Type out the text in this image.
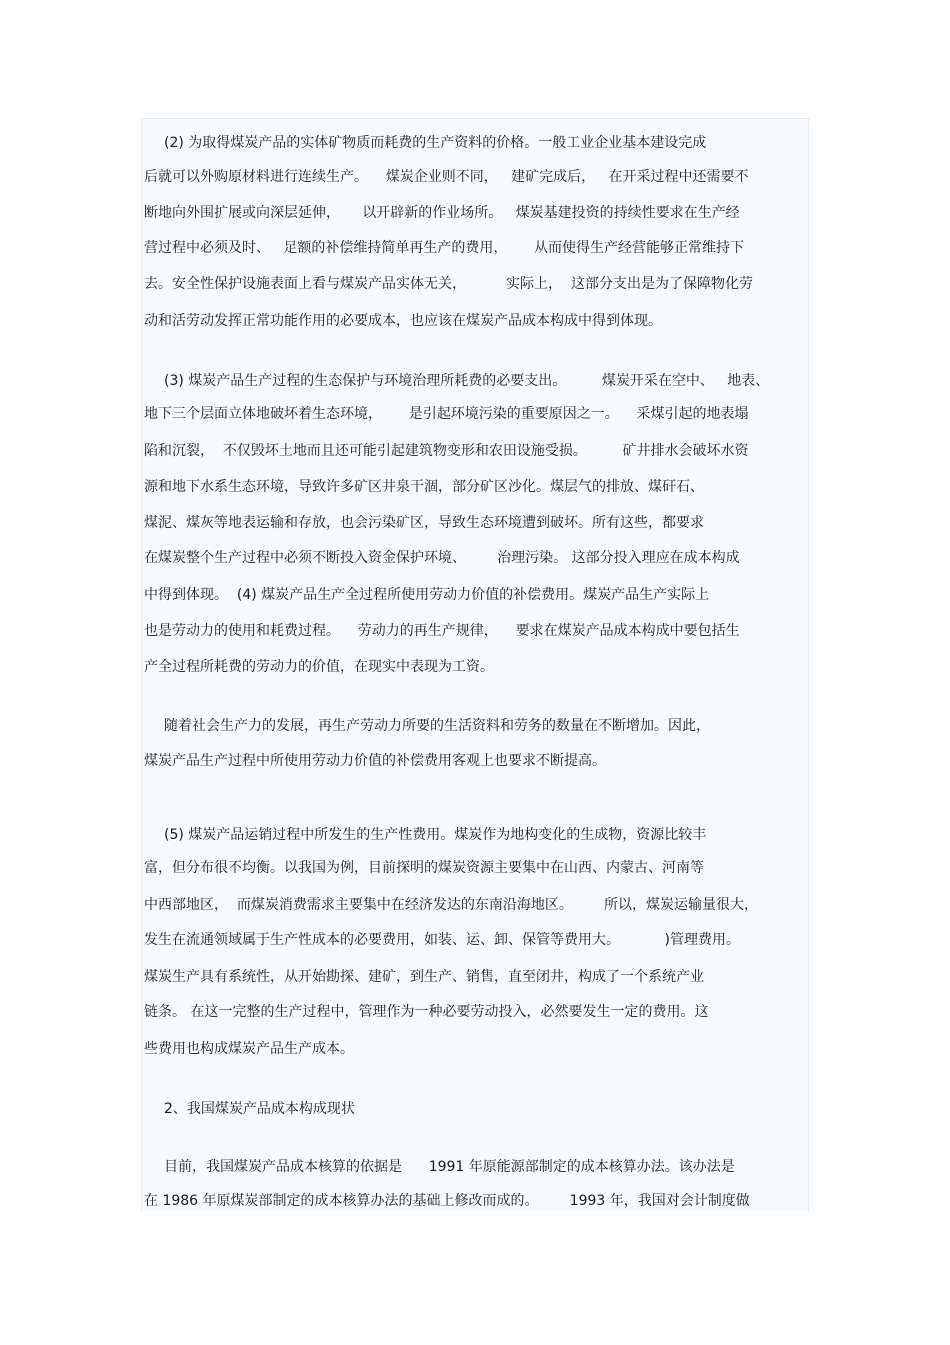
(2) 为取得煤炭产品的实体矿物质而耗费的生产资料的价格。一般工业企业基本建设完成
后就可以外购原材料进行连续生产。    煤炭企业则不同，   建矿完成后，   在开采过程中还需要不
断地向外围扩展或向深层延伸，     以开辟新的作业场所。   煤炭基建投资的持续性要求在生产经
营过程中必须及时、   足额的补偿维持简单再生产的费用，      从而使得生产经营能够正常维持下
去。安全性保护设施表面上看与煤炭产品实体无关，         实际上，  这部分支出是为了保障物化劳
动和活劳动发挥正常功能作用的必要成本，也应该在煤炭产品成本构成中得到体现。
(3) 煤炭产品生产过程的生态保护与环境治理所耗费的必要支出。        煤炭开采在空中、   地表、
地下三个层面立体地破坏着生态环境，      是引起环境污染的重要原因之一。    采煤引起的地表塌
陷和沉裂，  不仅毁坏土地而且还可能引起建筑物变形和农田设施受损。        矿井排水会破坏水资
源和地下水系生态环境，导致许多矿区井泉干涸，部分矿区沙化。煤层气的排放、煤矸石、
煤泥、煤灰等地表运输和存放，也会污染矿区，导致生态环境遭到破坏。所有这些，都要求
在煤炭整个生产过程中必须不断投入资金保护环境、       治理污染。 这部分投入理应在成本构成
中得到体现。  (4) 煤炭产品生产全过程所使用劳动力价值的补偿费用。煤炭产品生产实际上
也是劳动力的使用和耗费过程。    劳动力的再生产规律，    要求在煤炭产品成本构成中要包括生
产全过程所耗费的劳动力的价值，在现实中表现为工资。
随着社会生产力的发展，再生产劳动力所要的生活资料和劳务的数量在不断增加。因此，
煤炭产品生产过程中所使用劳动力价值的补偿费用客观上也要求不断提高。
(5) 煤炭产品运销过程中所发生的生产性费用。煤炭作为地构变化的生成物，资源比较丰
富，但分布很不均衡。以我国为例，目前探明的煤炭资源主要集中在山西、内蒙古、河南等
中西部地区，  而煤炭消费需求主要集中在经济发达的东南沿海地区。       所以，煤炭运输量很大，
发生在流通领域属于生产性成本的必要费用，如装、运、卸、保管等费用大。          )管理费用。
煤炭生产具有系统性，从开始勘探、建矿，到生产、销售，直至闭井，构成了一个系统产业
链条。 在这一完整的生产过程中，管理作为一种必要劳动投入，必然要发生一定的费用。这
些费用也构成煤炭产品生产成本。
2、我国煤炭产品成本构成现状
目前，我国煤炭产品成本核算的依据是      1991 年原能源部制定的成本核算办法。该办法是
在 1986 年原煤炭部制定的成本核算办法的基础上修改而成的。       1993 年，我国对会计制度做
